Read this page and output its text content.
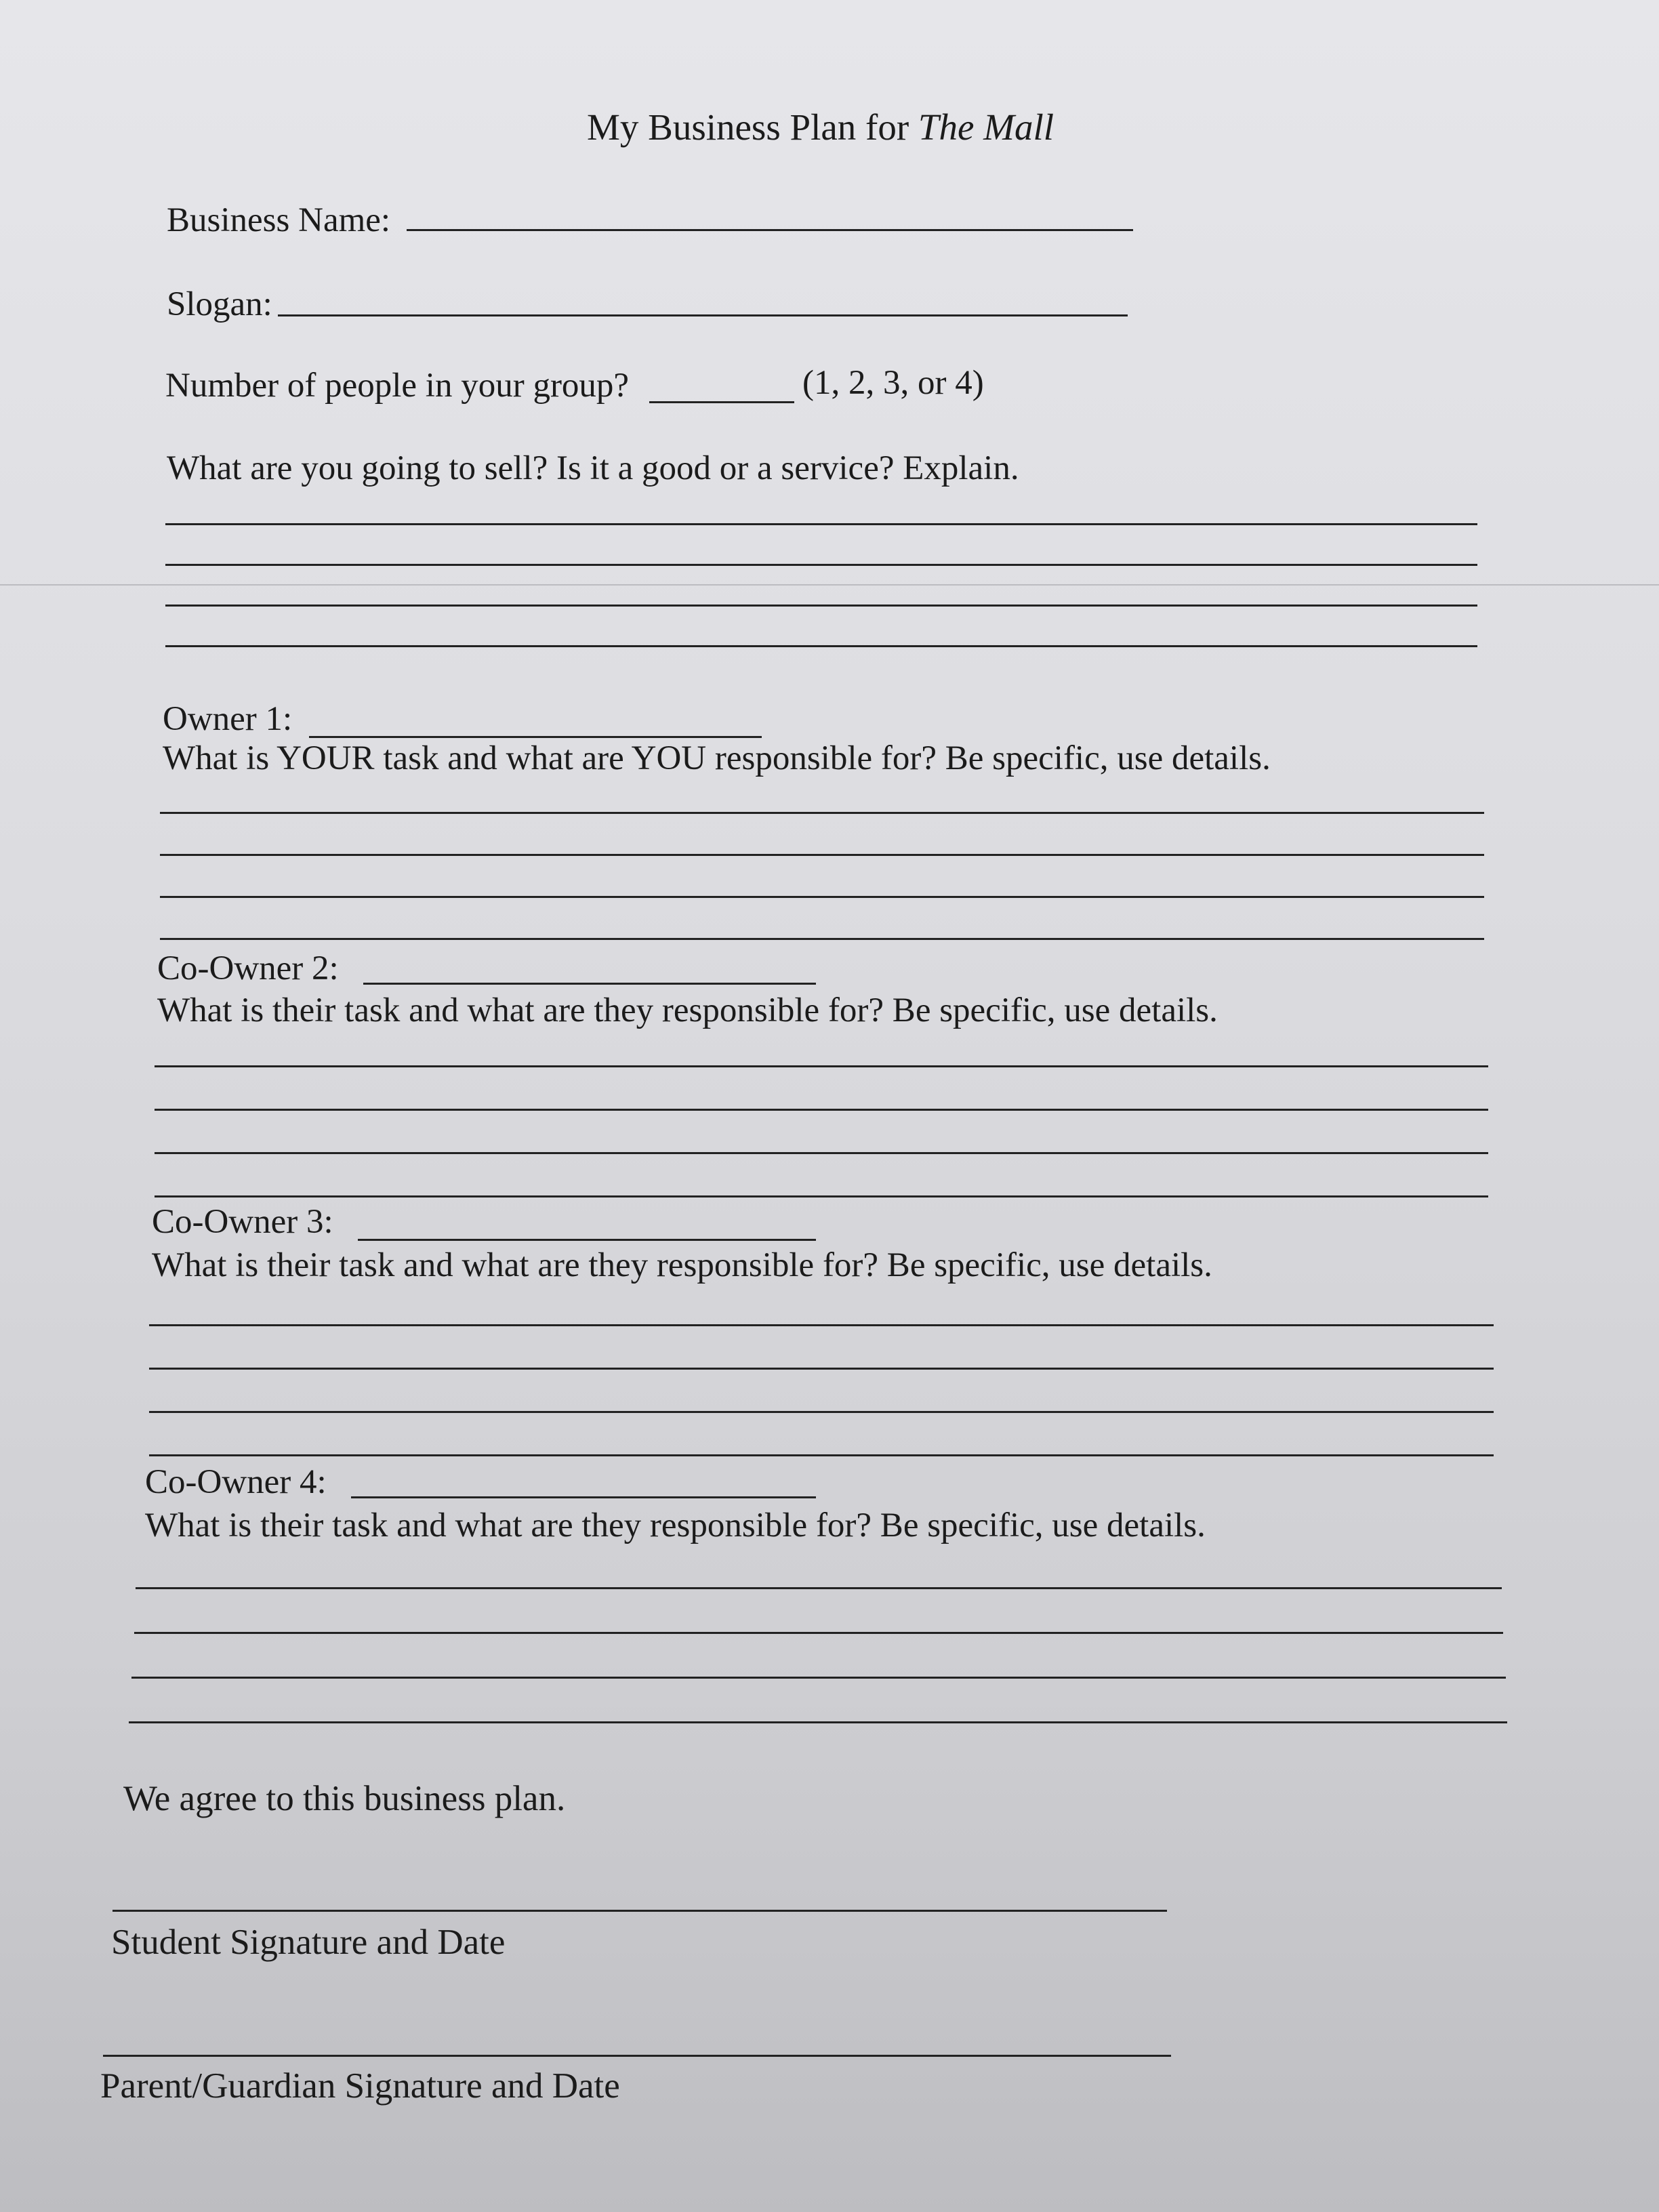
My Business Plan for The Mall
Business Name:
Slogan:
Number of people in your group?	(1, 2, 3, or 4)
What are you going to sell? Is it a good or a service? Explain.
Owner 1:
What is YOUR task and what are YOU responsible for? Be specific, use details.
Co-Owner 2:
What is their task and what are they responsible for? Be specific, use details.
Co-Owner 3:
What is their task and what are they responsible for? Be specific, use details.
Co-Owner 4:
What is their task and what are they responsible for? Be specific, use details.
We agree to this business plan.
Student Signature and Date
Parent/Guardian Signature and Date
